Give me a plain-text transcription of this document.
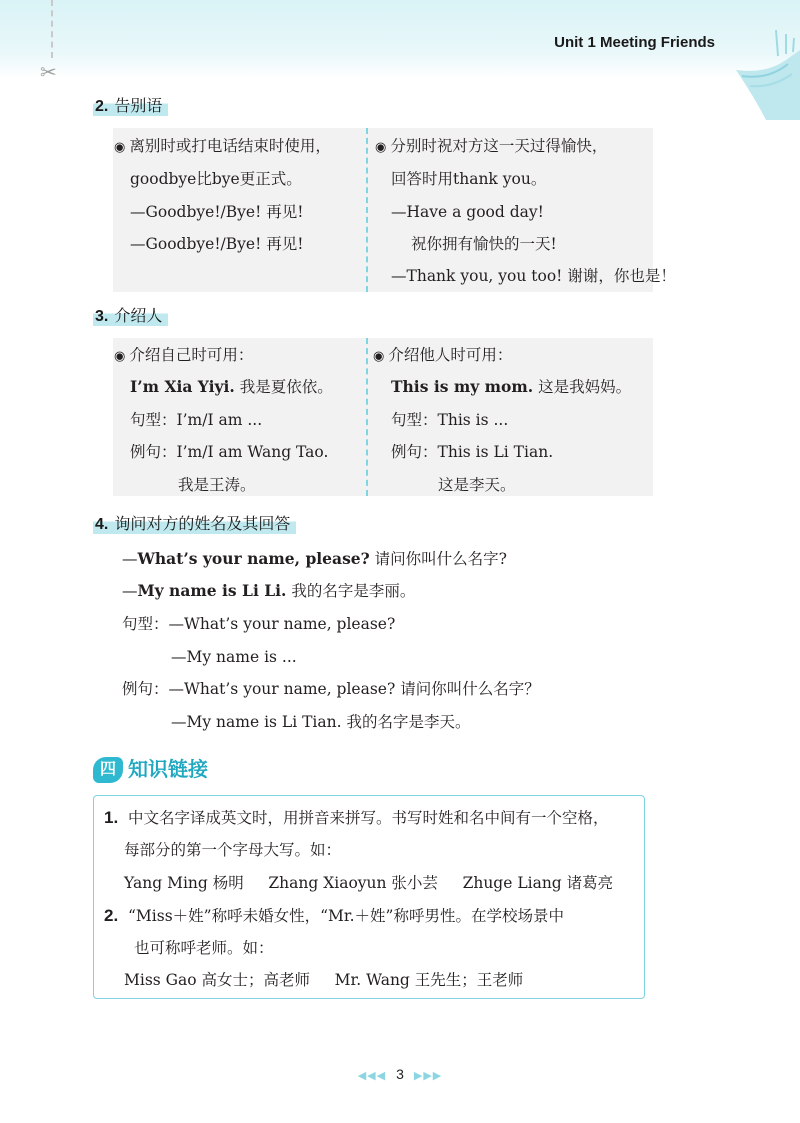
✂
Unit 1 Meeting Friends
2. 告别语
◉ 离别时或打电话结束时使用，
goodbye比bye更正式。
—Goodbye!/Bye! 再见!
—Goodbye!/Bye! 再见!
◉ 分别时祝对方这一天过得愉快，
回答时用thank you。
—Have a good day!
祝你拥有愉快的一天!
—Thank you, you too! 谢谢，你也是！
3. 介绍人
◉ 介绍自己时可用：
I’m Xia Yiyi. 我是夏依依。
句型：I’m/I am ...
例句：I’m/I am Wang Tao.
我是王涛。
◉ 介绍他人时可用：
This is my mom. 这是我妈妈。
句型：This is ...
例句：This is Li Tian.
这是李天。
4. 询问对方的姓名及其回答
—What’s your name, please? 请问你叫什么名字?
—My name is Li Li. 我的名字是李丽。
句型：—What’s your name, please?
—My name is ...
例句：—What’s your name, please? 请问你叫什么名字？
—My name is Li Tian. 我的名字是李天。
四 知识链接
1. 中文名字译成英文时，用拼音来拼写。书写时姓和名中间有一个空格，
每部分的第一个字母大写。如：
Yang Ming 杨明     Zhang Xiaoyun 张小芸     Zhuge Liang 诸葛亮
2. “Miss＋姓”称呼未婚女性，“Mr.＋姓”称呼男性。在学校场景中
也可称呼老师。如：
Miss Gao 高女士；高老师     Mr. Wang 王先生；王老师
◀◀◀ 3 ▶▶▶
